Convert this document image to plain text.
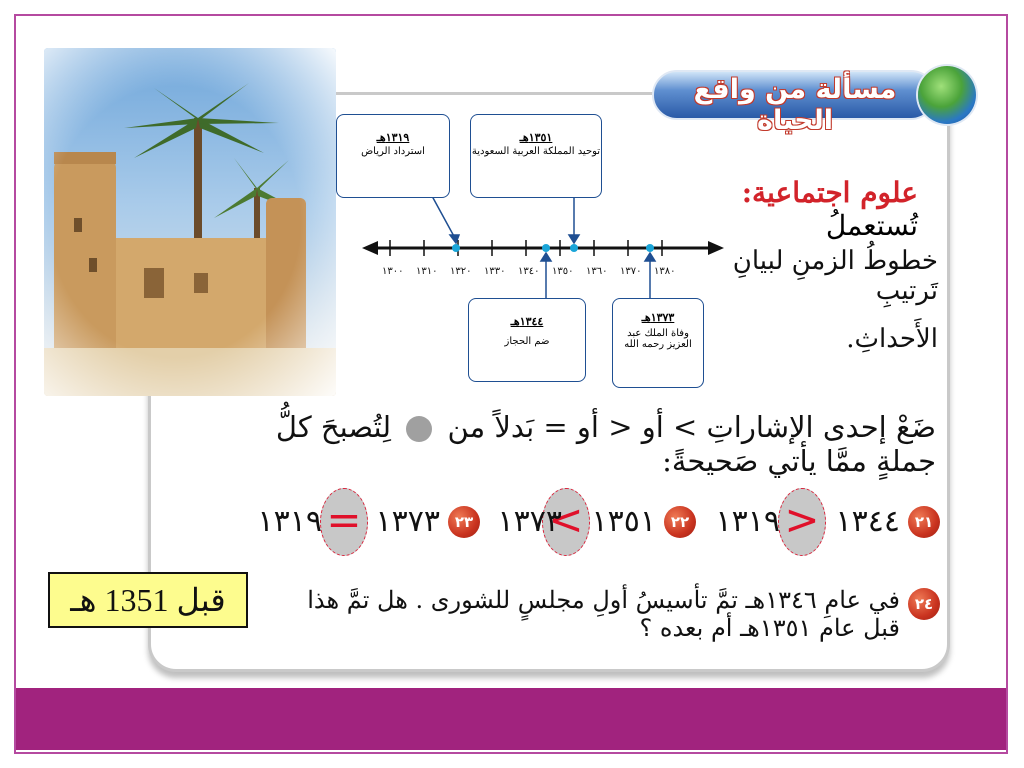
مسألة من واقع الحياة
علوم اجتماعية: تُستعملُ
خطوطُ الزمنِ لبيانِ تَرتيبِ
الأَحداثِ.
١٣٠٠ ١٣١٠ ١٣٢٠ ١٣٣٠ ١٣٤٠ ١٣٥٠ ١٣٦٠ ١٣٧٠ ١٣٨٠
١٣١٩هـ
استرداد الرياض
١٣٥١هـ
توحيد المملكة العربية السعودية
١٣٤٤هـ
ضم الحجاز
١٣٧٣هـ
وفاة الملك عبد العزيز رحمه الله
ضَعْ إحدى الإشاراتِ > أو < أو = بَدلاً من  لِتُصبحَ كلُّ جملةٍ ممَّا يأتي صَحيحةً:
٢١
١٣٤٤
<
١٣١٩
٢٢
١٣٥١
>
١٣٧٣
٢٣
١٣٧٣
=
١٣١٩
٢٤
في عامِ ١٣٤٦هـ تمَّ تأسيسُ أولِ مجلسٍ للشورى . هل تمَّ هذا قبل عام ١٣٥١هـ أم بعده ؟
قبل 1351 هـ
